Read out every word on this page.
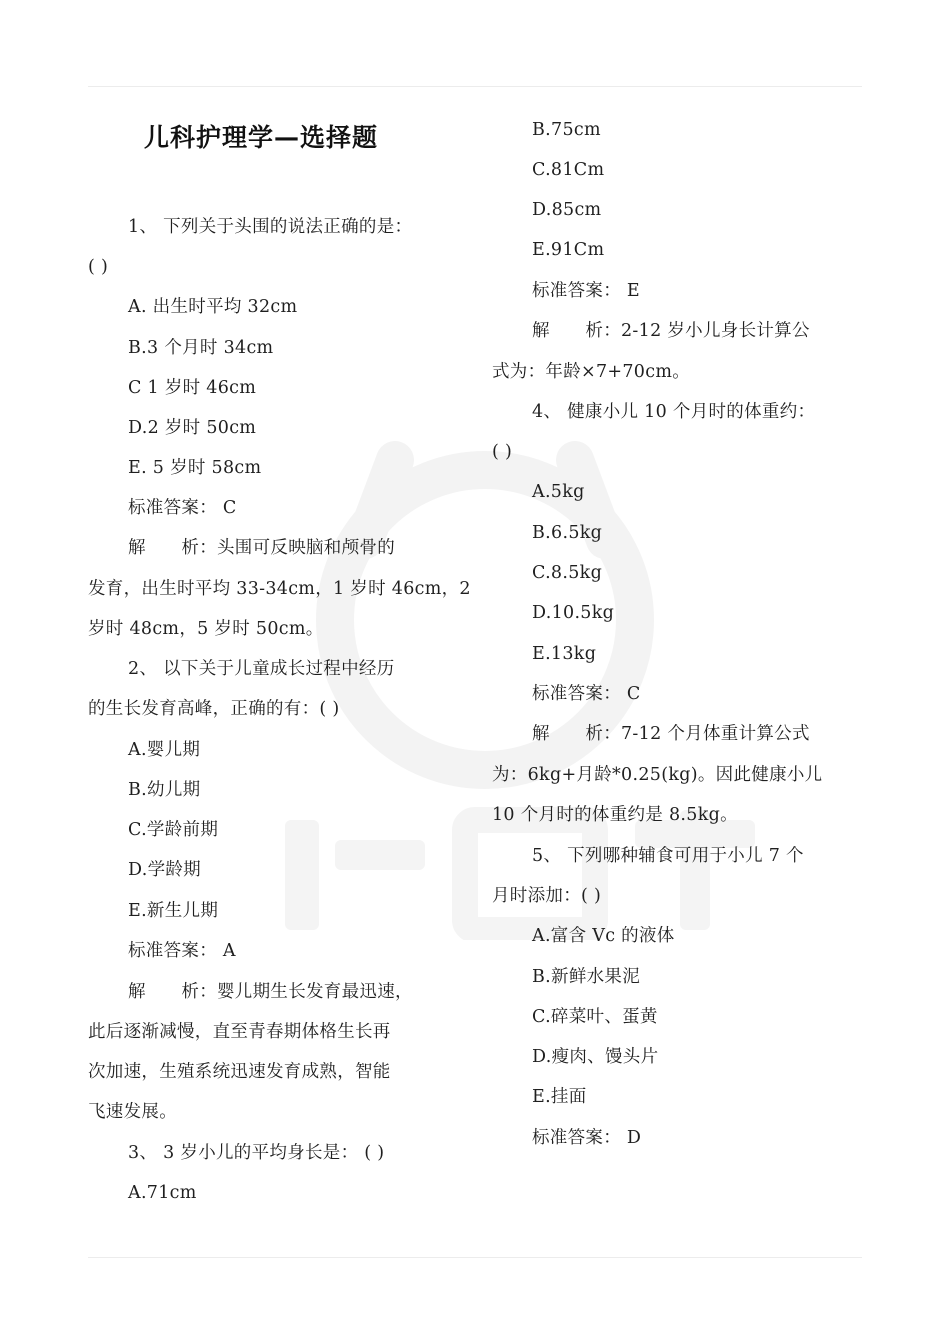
儿科护理学—选择题
1、 下列关于头围的说法正确的是：
( )
A. 出生时平均 32cm
B.3 个月时 34cm
C 1 岁时 46cm
D.2 岁时 50cm
E. 5 岁时 58cm
标准答案： C
解　　析：头围可反映脑和颅骨的
发育，出生时平均 33-34cm，1 岁时 46cm，2
岁时 48cm，5 岁时 50cm。
2、 以下关于儿童成长过程中经历
的生长发育高峰，正确的有：( )
A.婴儿期
B.幼儿期
C.学龄前期
D.学龄期
E.新生儿期
标准答案： A
解　　析：婴儿期生长发育最迅速，
此后逐渐减慢，直至青春期体格生长再
次加速，生殖系统迅速发育成熟，智能
飞速发展。
3、 3 岁小儿的平均身长是： ( )
A.71cm
B.75cm
C.81Cm
D.85cm
E.91Cm
标准答案： E
解　　析：2-12 岁小儿身长计算公
式为：年龄×7+70cm。
4、 健康小儿 10 个月时的体重约：
( )
A.5kg
B.6.5kg
C.8.5kg
D.10.5kg
E.13kg
标准答案： C
解　　析：7-12 个月体重计算公式
为：6kg+月龄*0.25(kg)。因此健康小儿
10 个月时的体重约是 8.5kg。
5、 下列哪种辅食可用于小儿 7 个
月时添加：( )
A.富含 Vc 的液体
B.新鲜水果泥
C.碎菜叶、蛋黄
D.瘦肉、馒头片
E.挂面
标准答案： D
